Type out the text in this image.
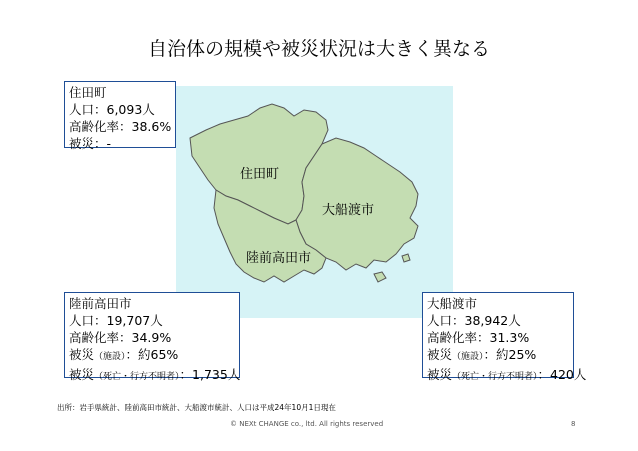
自治体の規模や被災状況は大きく異なる
住田町
大船渡市
陸前高田市
住田町
人口：6,093人
高齢化率：38.6%
被災：-
陸前高田市
人口：19,707人
高齢化率：34.9%
被災（施設）：約65%
被災（死亡・行方不明者）：1,735人
大船渡市
人口：38,942人
高齢化率：31.3%
被災（施設）：約25%
被災（死亡・行方不明者）：420人
出所：岩手県統計、陸前高田市統計、大船渡市統計、人口は平成24年10月1日現在
© NEXt CHANGE co., ltd. All rights reserved	8
